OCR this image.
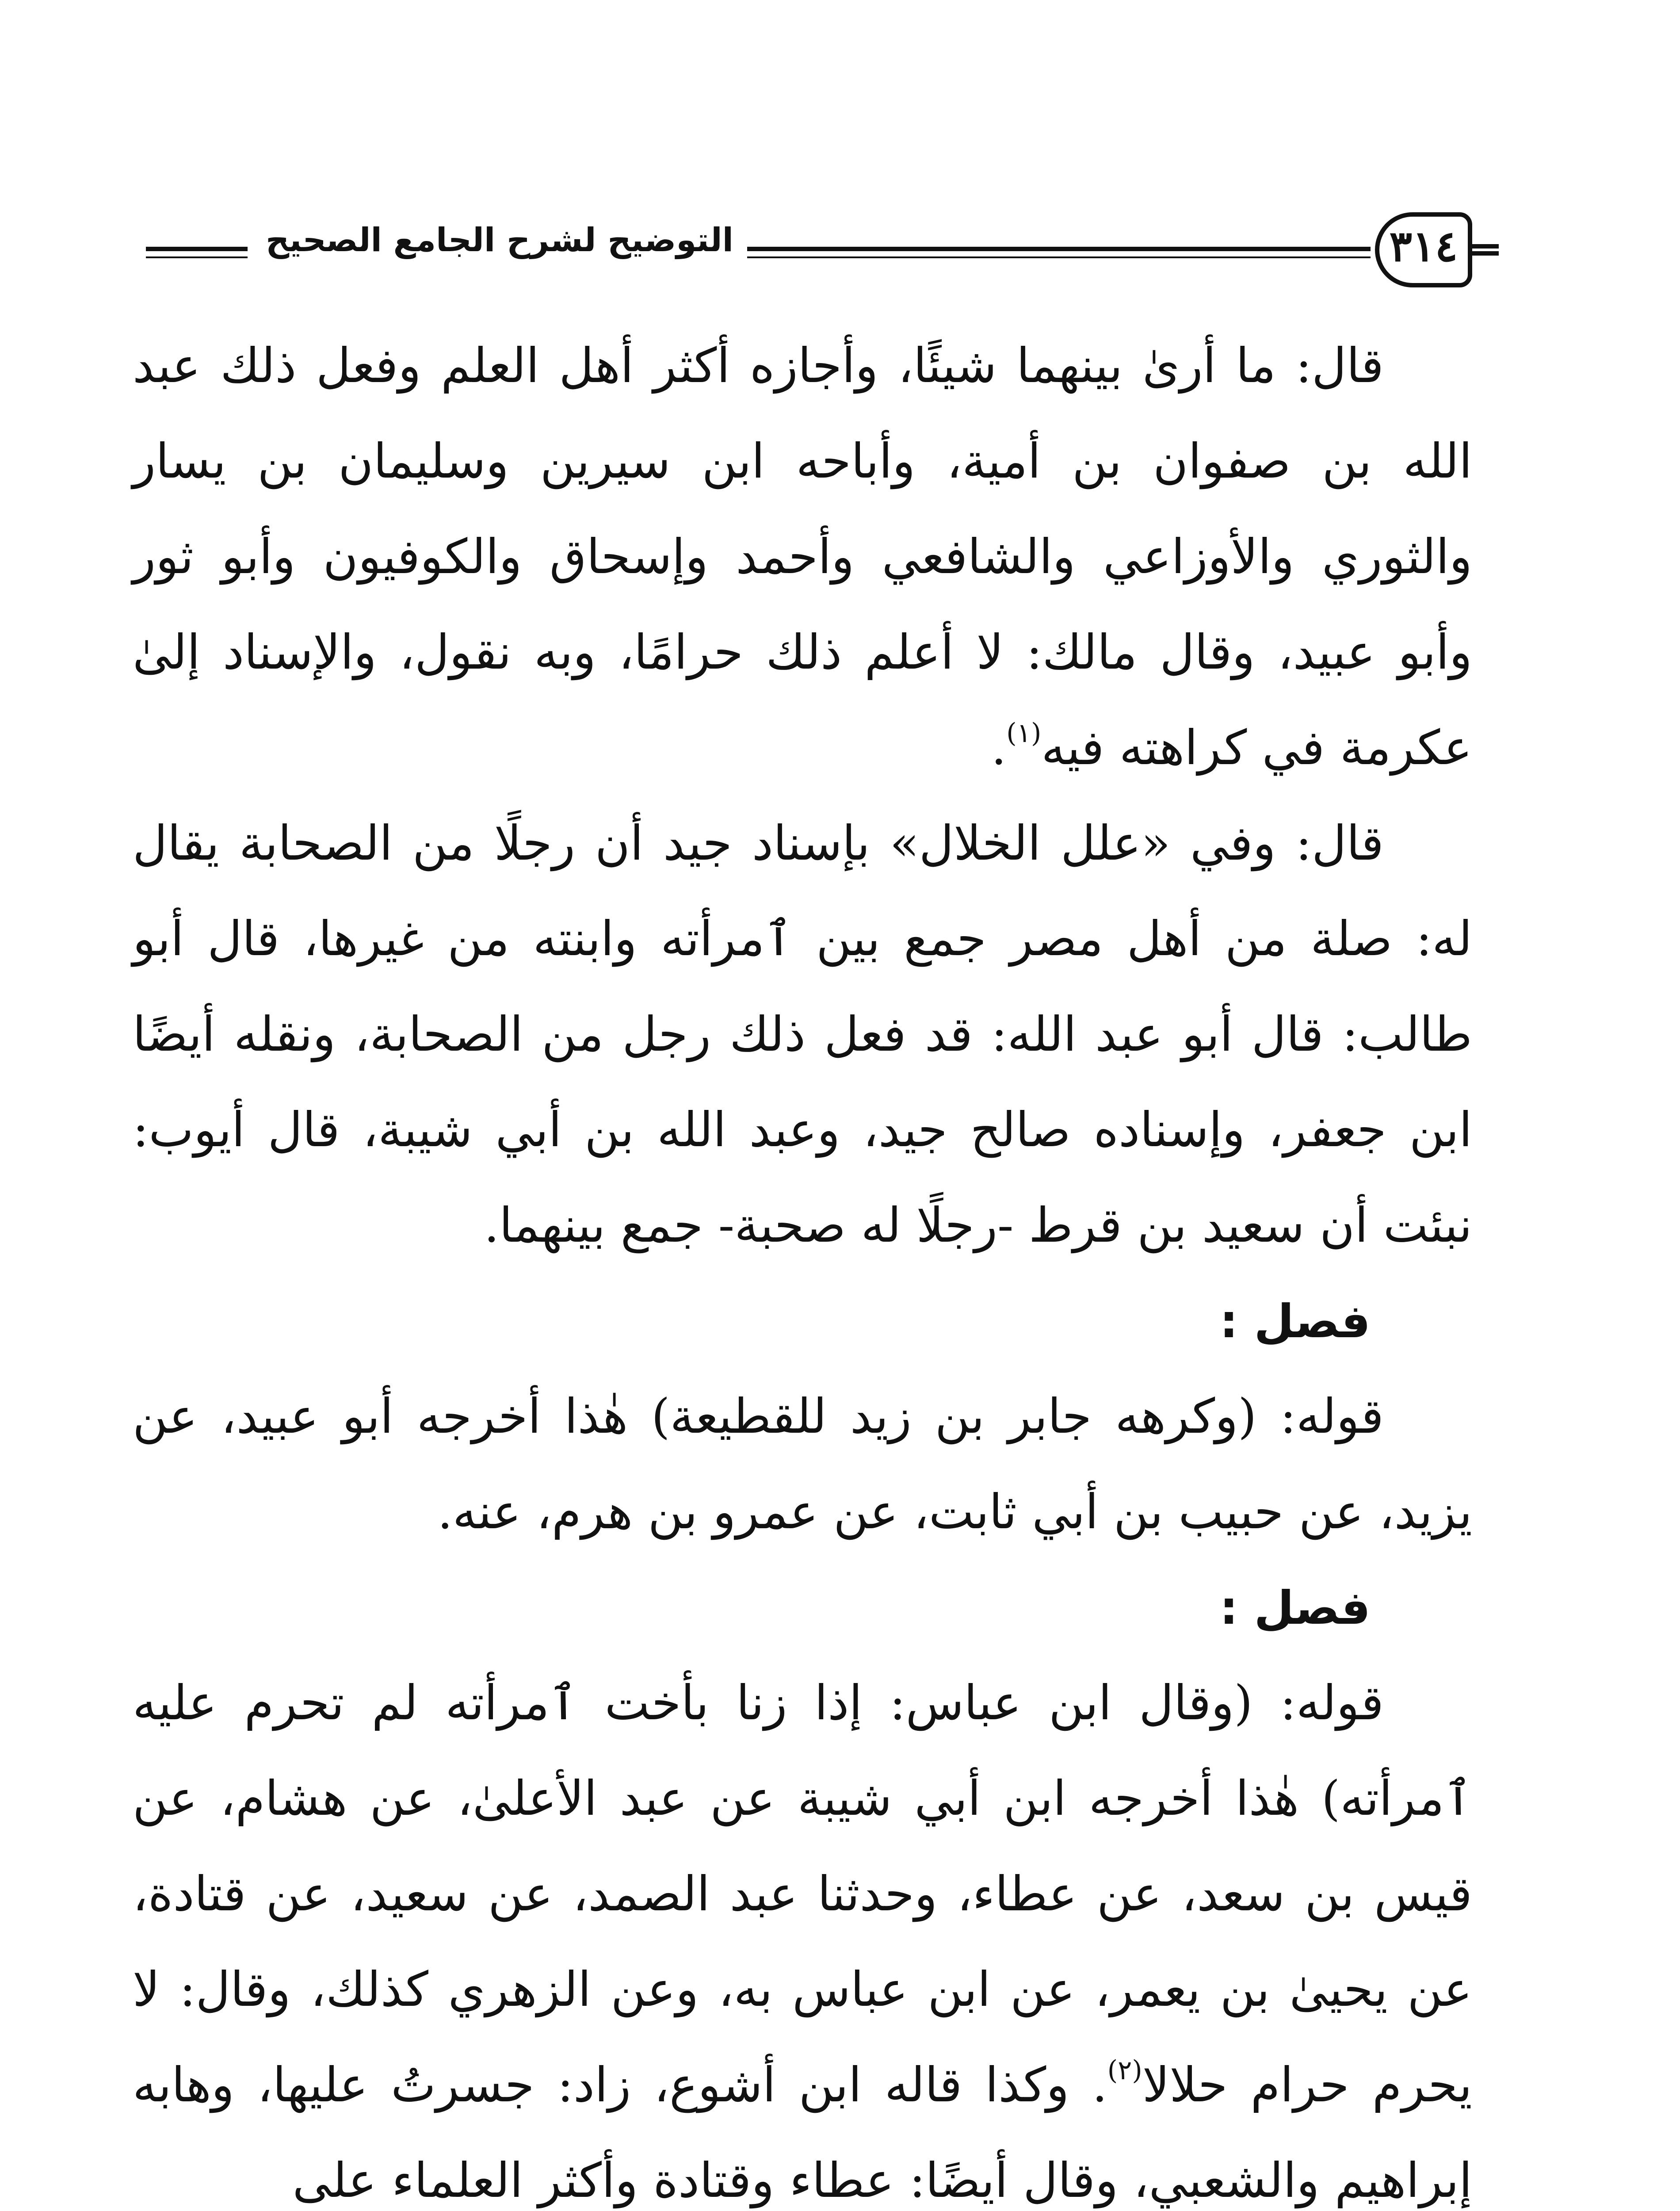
التوضيح لشرح الجامع الصحيح	٣١٤

قال: ما أرىٰ بينهما شيئًا، وأجازه أكثر أهل العلم وفعل ذلك عبد الله بن صفوان بن أمية، وأباحه ابن سيرين وسليمان بن يسار والثوري والأوزاعي والشافعي وأحمد وإسحاق والكوفيون وأبو ثور وأبو عبيد، وقال مالك: لا أعلم ذلك حرامًا، وبه نقول، والإسناد إلىٰ عكرمة في كراهته فيه$^{(١)}$.

قال: وفي «علل الخلال» بإسناد جيد أن رجلًا من الصحابة يقال له: صلة من أهل مصر جمع بين ٱمرأته وابنته من غيرها، قال أبو طالب: قال أبو عبد الله: قد فعل ذلك رجل من الصحابة، ونقله أيضًا ابن جعفر، وإسناده صالح جيد، وعبد الله بن أبي شيبة، قال أيوب: نبئت أن سعيد بن قرط -رجلًا له صحبة- جمع بينهما.

فصل :

قوله: (وكرهه جابر بن زيد للقطيعة) هٰذا أخرجه أبو عبيد، عن يزيد، عن حبيب بن أبي ثابت، عن عمرو بن هرم، عنه.

فصل :

قوله: (وقال ابن عباس: إذا زنا بأخت ٱمرأته لم تحرم عليه ٱمرأته) هٰذا أخرجه ابن أبي شيبة عن عبد الأعلىٰ، عن هشام، عن قيس بن سعد، عن عطاء، وحدثنا عبد الصمد، عن سعيد، عن قتادة، عن يحيىٰ بن يعمر، عن ابن عباس به، وعن الزهري كذلك، وقال: لا يحرم حرام حلالا$^{(٢)}$. وكذا قاله ابن أشوع، زاد: جسرتُ عليها، وهابه إبراهيم والشعبي، وقال أيضًا: عطاء وقتادة وأكثر العلماء على
